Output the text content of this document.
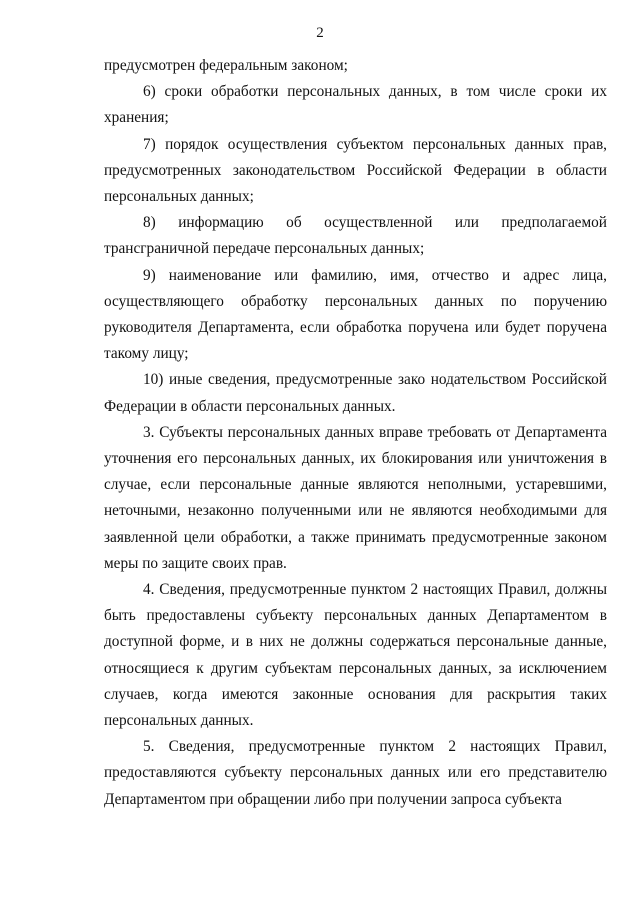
2

предусмотрен федеральным законом;

6) сроки обработки персональных данных, в том числе сроки их хранения;

7) порядок осуществления субъектом персональных данных прав, предусмотренных законодательством Российской Федерации в области персональных данных;

8) информацию об осуществленной или предполагаемой трансграничной передаче персональных данных;

9) наименование или фамилию, имя, отчество и адрес лица, осуществляющего обработку персональных данных по поручению руководителя Департамента, если обработка поручена или будет поручена такому лицу;

10) иные сведения, предусмотренные зако нодательством Российской Федерации в области персональных данных.

3. Субъекты персональных данных вправе требовать от Департамента уточнения его персональных данных, их блокирования или уничтожения в случае, если персональные данные являются неполными, устаревшими, неточными, незаконно полученными или не являются необходимыми для заявленной цели обработки, а также принимать предусмотренные законом меры по защите своих прав.

4. Сведения, предусмотренные пунктом 2 настоящих Правил, должны быть предоставлены субъекту персональных данных Департаментом в доступной форме, и в них не должны содержаться персональные данные, относящиеся к другим субъектам персональных данных, за исключением случаев, когда имеются законные основания для раскрытия таких персональных данных.

5. Сведения, предусмотренные пунктом 2 настоящих Правил, предоставляются субъекту персональных данных или его представителю Департаментом при обращении либо при получении запроса субъекта
